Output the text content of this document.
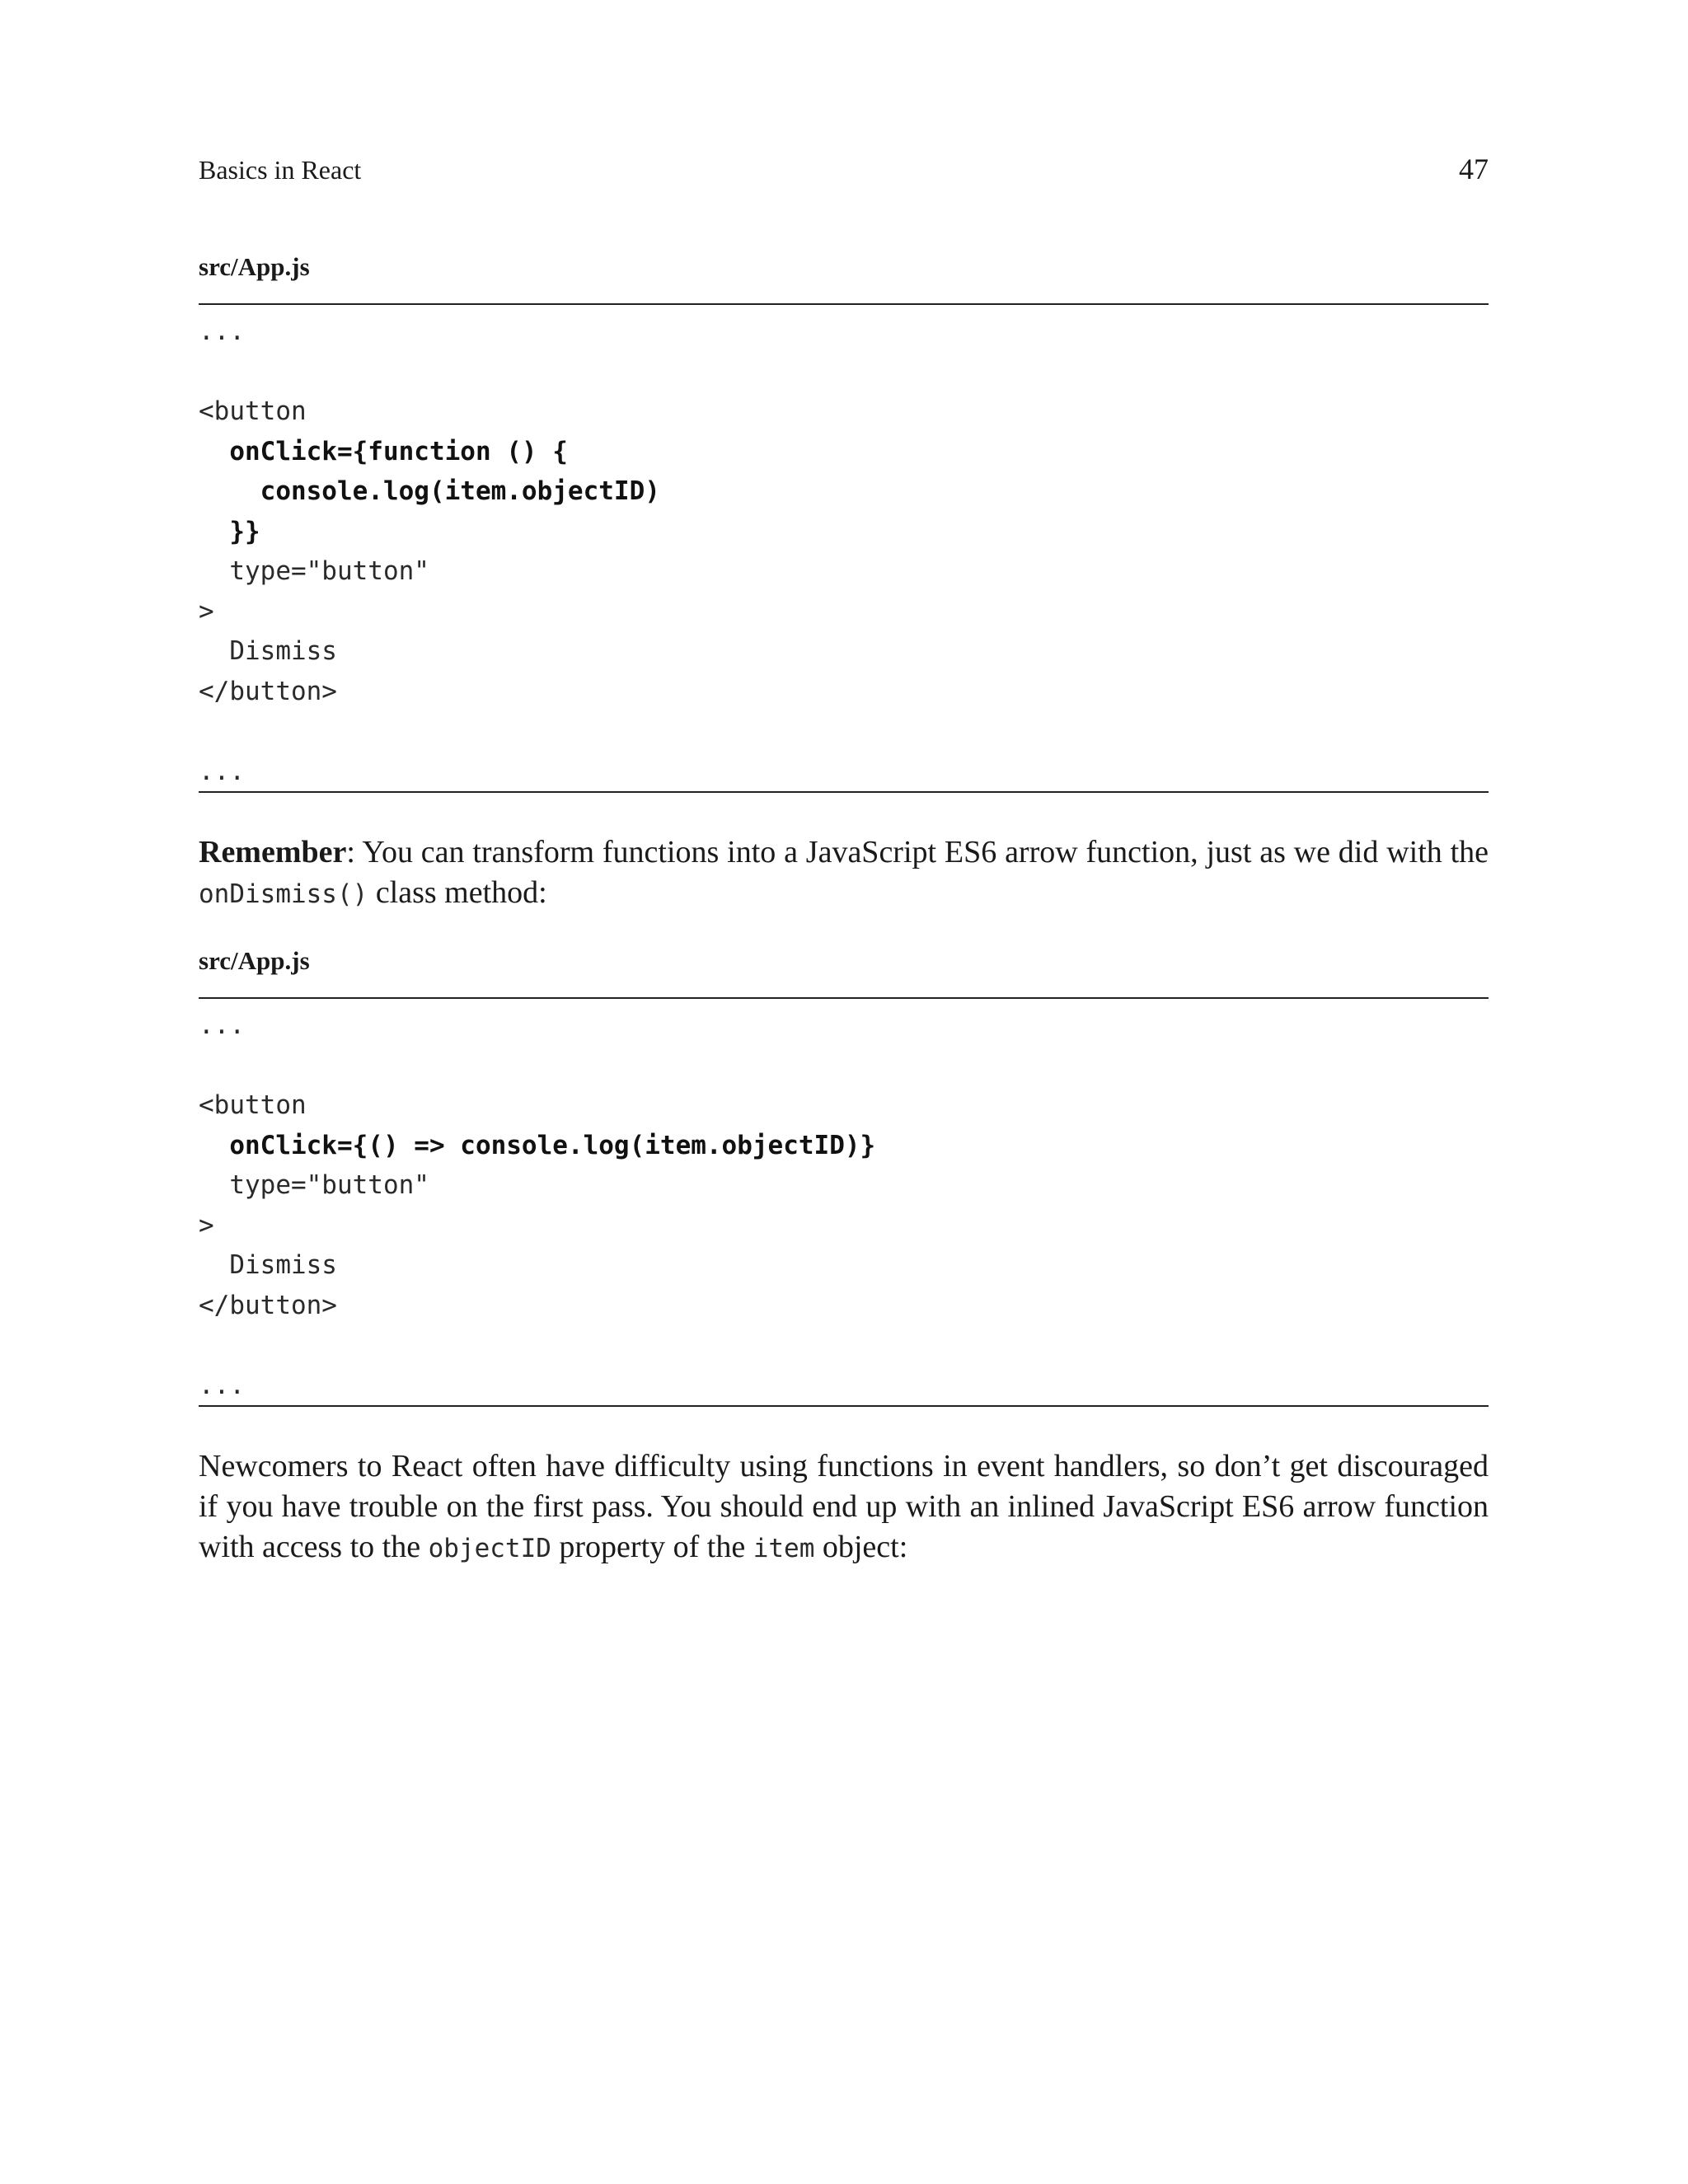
Basics in React	47
src/App.js
...
<button
onClick={function () {
console.log(item.objectID)
}}
type="button"
>
Dismiss
</button>
...

Remember: You can transform functions into a JavaScript ES6 arrow function, just as we did with the onDismiss() class method:

src/App.js
...
<button
onClick={() => console.log(item.objectID)}
type="button"
>
Dismiss
</button>
...

Newcomers to React often have difficulty using functions in event handlers, so don’t get discouraged if you have trouble on the first pass. You should end up with an inlined JavaScript ES6 arrow function with access to the objectID property of the item object:
